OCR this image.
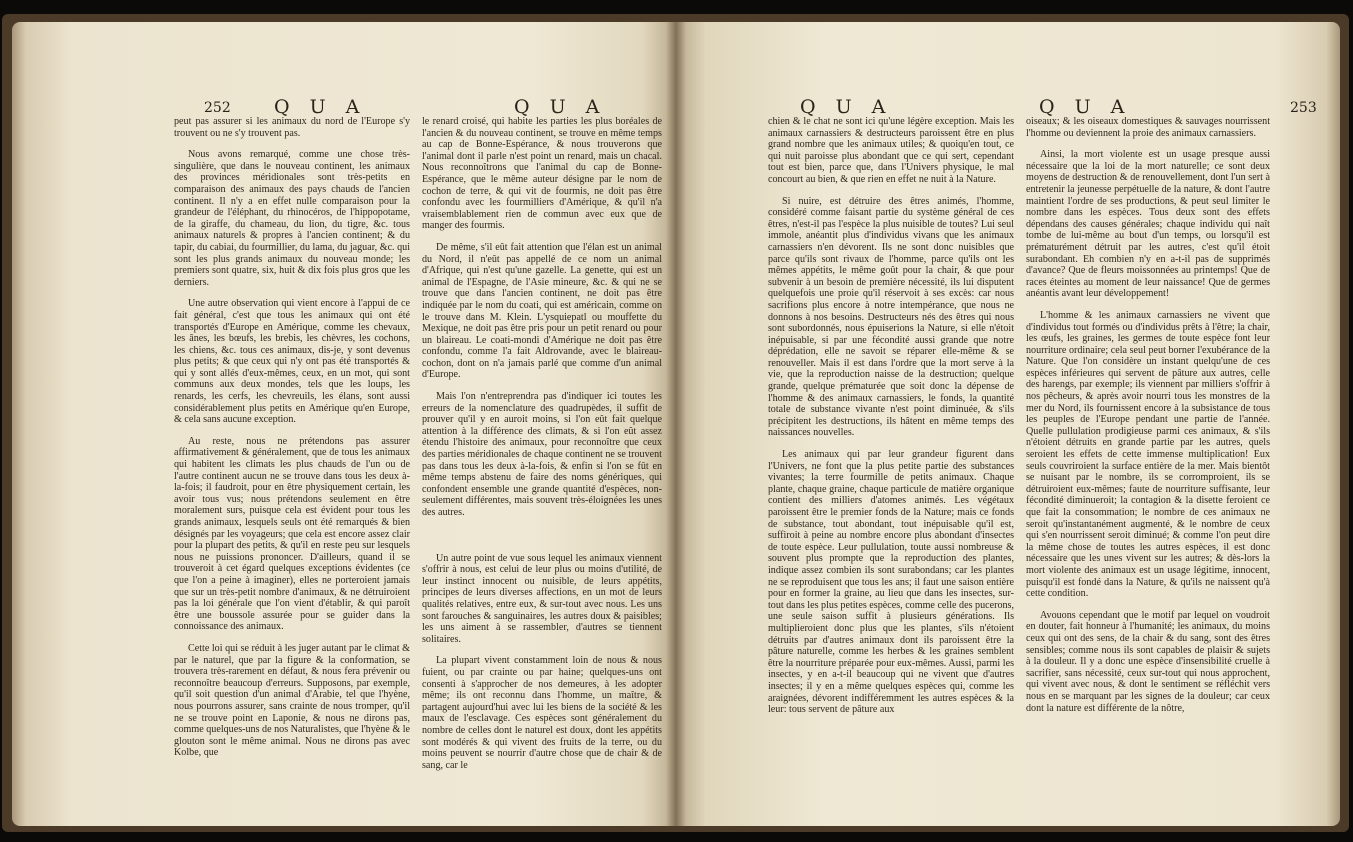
252 Q U A	Q U A

peut pas assurer si les animaux du nord de l'Europe s'y trouvent ou ne s'y trouvent pas.

Nous avons remarqué, comme une chose très-singulière, que dans le nouveau continent, les animaux des provinces méridionales sont très-petits en comparaison des animaux des pays chauds de l'ancien continent. Il n'y a en effet nulle comparaison pour la grandeur de l'éléphant, du rhinocéros, de l'hippopotame, de la giraffe, du chameau, du lion, du tigre, &c. tous animaux naturels & propres à l'ancien continent; & du tapir, du cabiai, du fourmillier, du lama, du jaguar, &c. qui sont les plus grands animaux du nouveau monde; les premiers sont quatre, six, huit & dix fois plus gros que les derniers.

Une autre observation qui vient encore à l'appui de ce fait général, c'est que tous les animaux qui ont été transportés d'Europe en Amérique, comme les chevaux, les ânes, les bœufs, les brebis, les chèvres, les cochons, les chiens, &c. tous ces animaux, dis-je, y sont devenus plus petits; & que ceux qui n'y ont pas été transportés & qui y sont allés d'eux-mêmes, ceux, en un mot, qui sont communs aux deux mondes, tels que les loups, les renards, les cerfs, les chevreuils, les élans, sont aussi considérablement plus petits en Amérique qu'en Europe, & cela sans aucune exception.

Au reste, nous ne prétendons pas assurer affirmativement & généralement, que de tous les animaux qui habitent les climats les plus chauds de l'un ou de l'autre continent aucun ne se trouve dans tous les deux à-la-fois; il faudroit, pour en être physiquement certain, les avoir tous vus; nous prétendons seulement en être moralement surs, puisque cela est évident pour tous les grands animaux, lesquels seuls ont été remarqués & bien désignés par les voyageurs; que cela est encore assez clair pour la plupart des petits, & qu'il en reste peu sur lesquels nous ne puissions prononcer. D'ailleurs, quand il se trouveroit à cet égard quelques exceptions évidentes (ce que l'on a peine à imaginer), elles ne porteroient jamais que sur un très-petit nombre d'animaux, & ne détruiroient pas la loi générale que l'on vient d'établir, & qui paroît être une boussole assurée pour se guider dans la connoissance des animaux.

Cette loi qui se réduit à les juger autant par le climat & par le naturel, que par la figure & la conformation, se trouvera très-rarement en défaut, & nous fera prévenir ou reconnoître beaucoup d'erreurs. Supposons, par exemple, qu'il soit question d'un animal d'Arabie, tel que l'hyène, nous pourrons assurer, sans crainte de nous tromper, qu'il ne se trouve point en Laponie, & nous ne dirons pas, comme quelques-uns de nos Naturalistes, que l'hyène & le glouton sont le même animal. Nous ne dirons pas avec Kolbe, que

le renard croisé, qui habite les parties les plus boréales de l'ancien & du nouveau continent, se trouve en même temps au cap de Bonne-Espérance, & nous trouverons que l'animal dont il parle n'est point un renard, mais un chacal. Nous reconnoîtrons que l'animal du cap de Bonne-Espérance, que le même auteur désigne par le nom de cochon de terre, & qui vit de fourmis, ne doit pas être confondu avec les fourmilliers d'Amérique, & qu'il n'a vraisemblablement rien de commun avec eux que de manger des fourmis.

De même, s'il eût fait attention que l'élan est un animal du Nord, il n'eût pas appellé de ce nom un animal d'Afrique, qui n'est qu'une gazelle. La genette, qui est un animal de l'Espagne, de l'Asie mineure, &c. & qui ne se trouve que dans l'ancien continent, ne doit pas être indiquée par le nom du coati, qui est américain, comme on le trouve dans M. Klein. L'ysquiepatl ou mouffette du Mexique, ne doit pas être pris pour un petit renard ou pour un blaireau. Le coati-mondi d'Amérique ne doit pas être confondu, comme l'a fait Aldrovande, avec le blaireau-cochon, dont on n'a jamais parlé que comme d'un animal d'Europe.

Mais l'on n'entreprendra pas d'indiquer ici toutes les erreurs de la nomenclature des quadrupèdes, il suffit de prouver qu'il y en auroit moins, si l'on eût fait quelque attention à la différence des climats, & si l'on eût assez étendu l'histoire des animaux, pour reconnoître que ceux des parties méridionales de chaque continent ne se trouvent pas dans tous les deux à-la-fois, & enfin si l'on se fût en même temps abstenu de faire des noms génériques, qui confondent ensemble une grande quantité d'espèces, non-seulement différentes, mais souvent très-éloignées les unes des autres.

Un autre point de vue sous lequel les animaux viennent s'offrir à nous, est celui de leur plus ou moins d'utilité, de leur instinct innocent ou nuisible, de leurs appétits, principes de leurs diverses affections, en un mot de leurs qualités relatives, entre eux, & sur-tout avec nous. Les uns sont farouches & sanguinaires, les autres doux & paisibles; les uns aiment à se rassembler, d'autres se tiennent solitaires.

La plupart vivent constamment loin de nous & nous fuient, ou par crainte ou par haine; quelques-uns ont consenti à s'approcher de nos demeures, à les adopter même; ils ont reconnu dans l'homme, un maître, & partagent aujourd'hui avec lui les biens de la société & les maux de l'esclavage. Ces espèces sont généralement du nombre de celles dont le naturel est doux, dont les appétits sont modérés & qui vivent des fruits de la terre, ou du moins peuvent se nourrir d'autre chose que de chair & de sang, car le

Q U A	Q U A	253

chien & le chat ne sont ici qu'une légère exception. Mais les animaux carnassiers & destructeurs paroissent être en plus grand nombre que les animaux utiles; & quoiqu'en tout, ce qui nuit paroisse plus abondant que ce qui sert, cependant tout est bien, parce que, dans l'Univers physique, le mal concourt au bien, & que rien en effet ne nuit à la Nature.

Si nuire, est détruire des êtres animés, l'homme, considéré comme faisant partie du système général de ces êtres, n'est-il pas l'espèce la plus nuisible de toutes? Lui seul immole, anéantit plus d'individus vivans que les animaux carnassiers n'en dévorent. Ils ne sont donc nuisibles que parce qu'ils sont rivaux de l'homme, parce qu'ils ont les mêmes appétits, le même goût pour la chair, & que pour subvenir à un besoin de première nécessité, ils lui disputent quelquefois une proie qu'il réservoit à ses excès: car nous sacrifions plus encore à notre intempérance, que nous ne donnons à nos besoins. Destructeurs nés des êtres qui nous sont subordonnés, nous épuiserions la Nature, si elle n'étoit inépuisable, si par une fécondité aussi grande que notre déprédation, elle ne savoit se réparer elle-même & se renouveller. Mais il est dans l'ordre que la mort serve à la vie, que la reproduction naisse de la destruction; quelque grande, quelque prématurée que soit donc la dépense de l'homme & des animaux carnassiers, le fonds, la quantité totale de substance vivante n'est point diminuée, & s'ils précipitent les destructions, ils hâtent en même temps des naissances nouvelles.

Les animaux qui par leur grandeur figurent dans l'Univers, ne font que la plus petite partie des substances vivantes; la terre fourmille de petits animaux. Chaque plante, chaque graine, chaque particule de matière organique contient des milliers d'atomes animés. Les végétaux paroissent être le premier fonds de la Nature; mais ce fonds de substance, tout abondant, tout inépuisable qu'il est, suffiroit à peine au nombre encore plus abondant d'insectes de toute espèce. Leur pullulation, toute aussi nombreuse & souvent plus prompte que la reproduction des plantes, indique assez combien ils sont surabondans; car les plantes ne se reproduisent que tous les ans; il faut une saison entière pour en former la graine, au lieu que dans les insectes, sur-tout dans les plus petites espèces, comme celle des pucerons, une seule saison suffit à plusieurs générations. Ils multiplieroient donc plus que les plantes, s'ils n'étoient détruits par d'autres animaux dont ils paroissent être la pâture naturelle, comme les herbes & les graines semblent être la nourriture préparée pour eux-mêmes. Aussi, parmi les insectes, y en a-t-il beaucoup qui ne vivent que d'autres insectes; il y en a même quelques espèces qui, comme les araignées, dévorent indifféremment les autres espèces & la leur: tous servent de pâture aux

oiseaux; & les oiseaux domestiques & sauvages nourrissent l'homme ou deviennent la proie des animaux carnassiers.

Ainsi, la mort violente est un usage presque aussi nécessaire que la loi de la mort naturelle; ce sont deux moyens de destruction & de renouvellement, dont l'un sert à entretenir la jeunesse perpétuelle de la nature, & dont l'autre maintient l'ordre de ses productions, & peut seul limiter le nombre dans les espèces. Tous deux sont des effets dépendans des causes générales; chaque individu qui naît tombe de lui-même au bout d'un temps, ou lorsqu'il est prématurément détruit par les autres, c'est qu'il étoit surabondant. Eh combien n'y en a-t-il pas de supprimés d'avance? Que de fleurs moissonnées au printemps! Que de races éteintes au moment de leur naissance! Que de germes anéantis avant leur développement!

L'homme & les animaux carnassiers ne vivent que d'individus tout formés ou d'individus prêts à l'être; la chair, les œufs, les graines, les germes de toute espèce font leur nourriture ordinaire; cela seul peut borner l'exubérance de la Nature. Que l'on considère un instant quelqu'une de ces espèces inférieures qui servent de pâture aux autres, celle des harengs, par exemple; ils viennent par milliers s'offrir à nos pêcheurs, & après avoir nourri tous les monstres de la mer du Nord, ils fournissent encore à la subsistance de tous les peuples de l'Europe pendant une partie de l'année. Quelle pullulation prodigieuse parmi ces animaux, & s'ils n'étoient détruits en grande partie par les autres, quels seroient les effets de cette immense multiplication! Eux seuls couvriroient la surface entière de la mer. Mais bientôt se nuisant par le nombre, ils se corromproient, ils se détruiroient eux-mêmes; faute de nourriture suffisante, leur fécondité diminueroit; la contagion & la disette feroient ce que fait la consommation; le nombre de ces animaux ne seroit qu'instantanément augmenté, & le nombre de ceux qui s'en nourrissent seroit diminué; & comme l'on peut dire la même chose de toutes les autres espèces, il est donc nécessaire que les unes vivent sur les autres; & dès-lors la mort violente des animaux est un usage légitime, innocent, puisqu'il est fondé dans la Nature, & qu'ils ne naissent qu'à cette condition.

Avouons cependant que le motif par lequel on voudroit en douter, fait honneur à l'humanité; les animaux, du moins ceux qui ont des sens, de la chair & du sang, sont des êtres sensibles; comme nous ils sont capables de plaisir & sujets à la douleur. Il y a donc une espèce d'insensibilité cruelle à sacrifier, sans nécessité, ceux sur-tout qui nous approchent, qui vivent avec nous, & dont le sentiment se réfléchit vers nous en se marquant par les signes de la douleur; car ceux dont la nature est différente de la nôtre,
